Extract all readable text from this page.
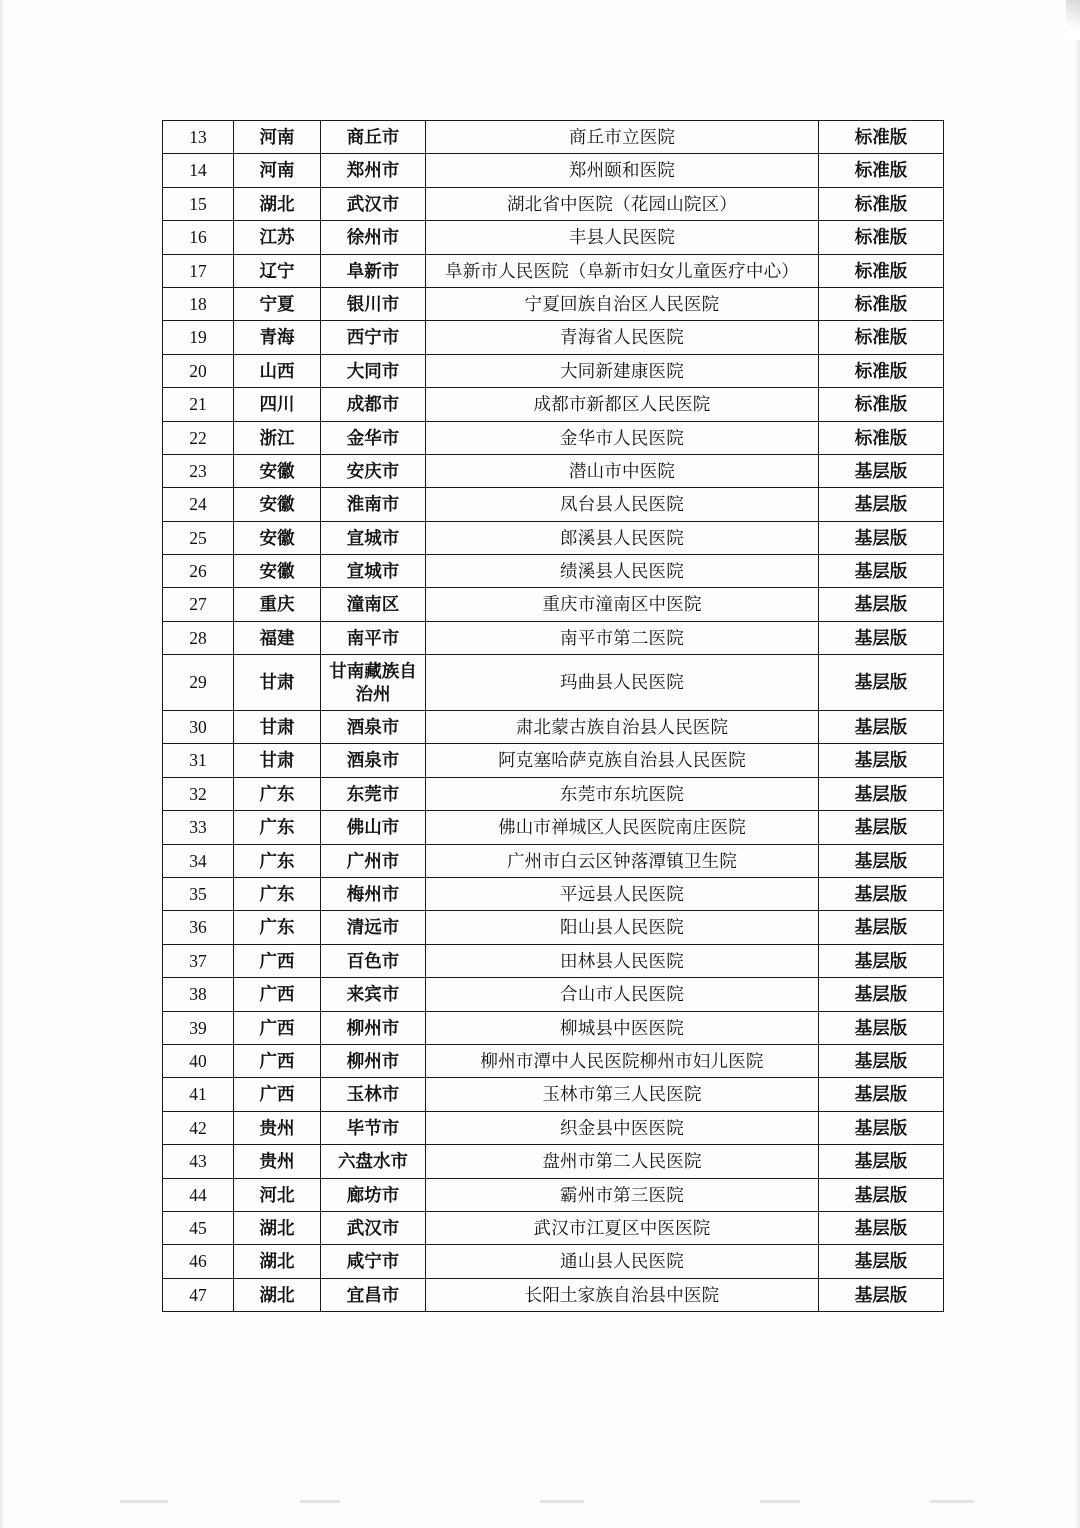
13	河南	商丘市	商丘市立医院	标准版
14	河南	郑州市	郑州颐和医院	标准版
15	湖北	武汉市	湖北省中医院（花园山院区）	标准版
16	江苏	徐州市	丰县人民医院	标准版
17	辽宁	阜新市	阜新市人民医院（阜新市妇女儿童医疗中心）	标准版
18	宁夏	银川市	宁夏回族自治区人民医院	标准版
19	青海	西宁市	青海省人民医院	标准版
20	山西	大同市	大同新建康医院	标准版
21	四川	成都市	成都市新都区人民医院	标准版
22	浙江	金华市	金华市人民医院	标准版
23	安徽	安庆市	潜山市中医院	基层版
24	安徽	淮南市	凤台县人民医院	基层版
25	安徽	宣城市	郎溪县人民医院	基层版
26	安徽	宣城市	绩溪县人民医院	基层版
27	重庆	潼南区	重庆市潼南区中医院	基层版
28	福建	南平市	南平市第二医院	基层版
29	甘肃	甘南藏族自治州	玛曲县人民医院	基层版
30	甘肃	酒泉市	肃北蒙古族自治县人民医院	基层版
31	甘肃	酒泉市	阿克塞哈萨克族自治县人民医院	基层版
32	广东	东莞市	东莞市东坑医院	基层版
33	广东	佛山市	佛山市禅城区人民医院南庄医院	基层版
34	广东	广州市	广州市白云区钟落潭镇卫生院	基层版
35	广东	梅州市	平远县人民医院	基层版
36	广东	清远市	阳山县人民医院	基层版
37	广西	百色市	田林县人民医院	基层版
38	广西	来宾市	合山市人民医院	基层版
39	广西	柳州市	柳城县中医医院	基层版
40	广西	柳州市	柳州市潭中人民医院柳州市妇儿医院	基层版
41	广西	玉林市	玉林市第三人民医院	基层版
42	贵州	毕节市	织金县中医医院	基层版
43	贵州	六盘水市	盘州市第二人民医院	基层版
44	河北	廊坊市	霸州市第三医院	基层版
45	湖北	武汉市	武汉市江夏区中医医院	基层版
46	湖北	咸宁市	通山县人民医院	基层版
47	湖北	宜昌市	长阳土家族自治县中医院	基层版
